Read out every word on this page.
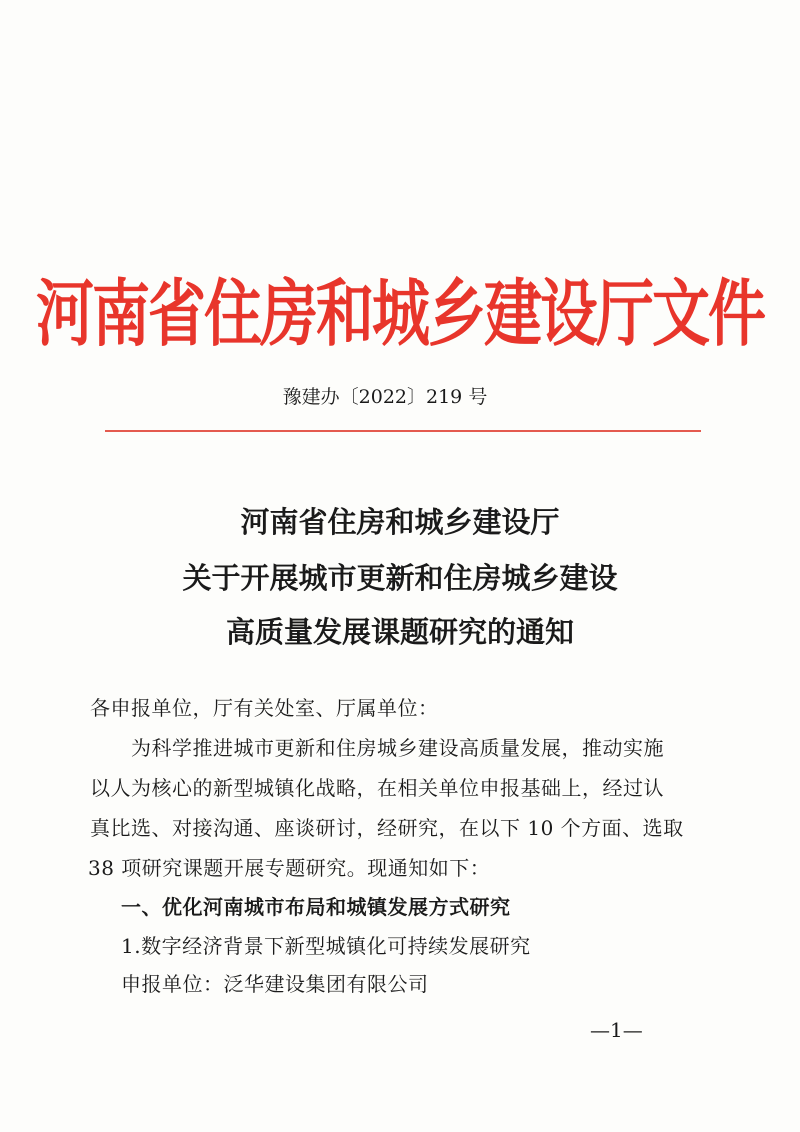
河南省住房和城乡建设厅文件
豫建办〔2022〕219 号
河南省住房和城乡建设厅
关于开展城市更新和住房城乡建设
高质量发展课题研究的通知
各申报单位，厅有关处室、厅属单位：
为科学推进城市更新和住房城乡建设高质量发展，推动实施
以人为核心的新型城镇化战略，在相关单位申报基础上，经过认
真比选、对接沟通、座谈研讨，经研究，在以下 10 个方面、选取
38 项研究课题开展专题研究。现通知如下：
一、优化河南城市布局和城镇发展方式研究
1.数字经济背景下新型城镇化可持续发展研究
申报单位：泛华建设集团有限公司
—1—
